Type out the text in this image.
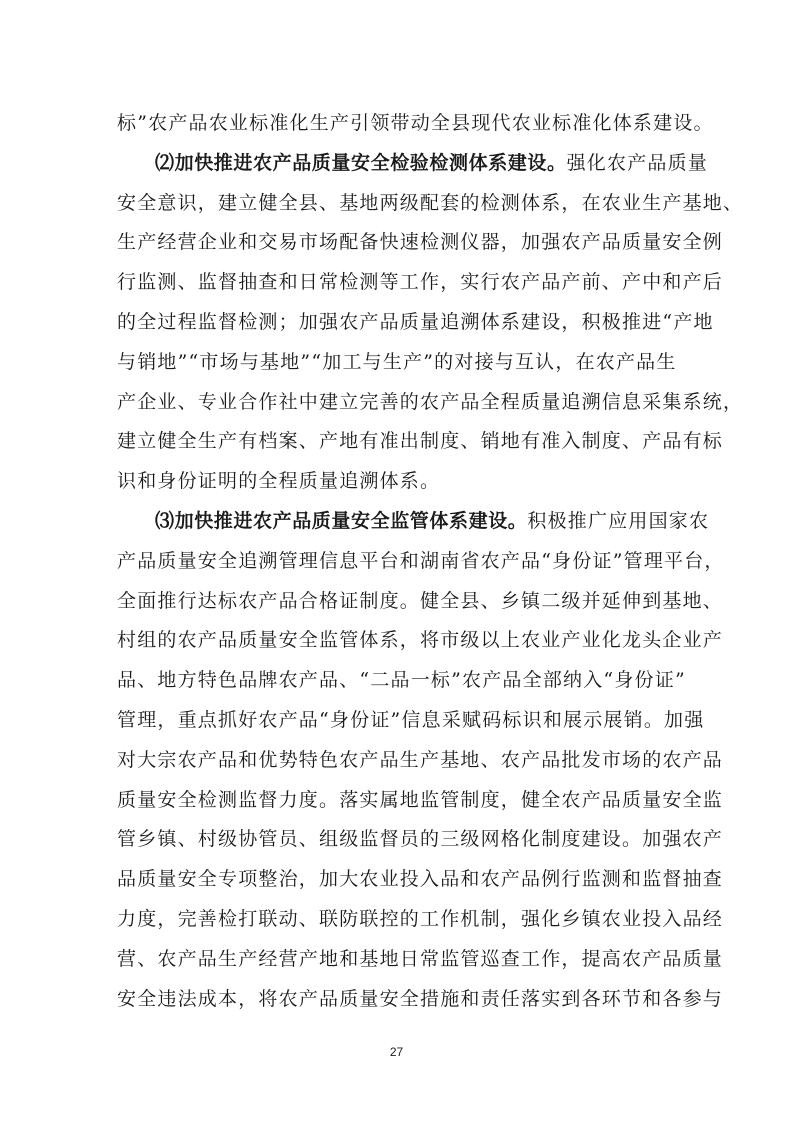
标”农产品农业标准化生产引领带动全县现代农业标准化体系建设。
⑵加快推进农产品质量安全检验检测体系建设。强化农产品质量
安全意识，建立健全县、基地两级配套的检测体系，在农业生产基地、
生产经营企业和交易市场配备快速检测仪器，加强农产品质量安全例
行监测、监督抽查和日常检测等工作，实行农产品产前、产中和产后
的全过程监督检测；加强农产品质量追溯体系建设，积极推进“产地
与销地”“市场与基地”“加工与生产”的对接与互认，在农产品生
产企业、专业合作社中建立完善的农产品全程质量追溯信息采集系统，
建立健全生产有档案、产地有准出制度、销地有准入制度、产品有标
识和身份证明的全程质量追溯体系。
⑶加快推进农产品质量安全监管体系建设。积极推广应用国家农
产品质量安全追溯管理信息平台和湖南省农产品“身份证”管理平台，
全面推行达标农产品合格证制度。健全县、乡镇二级并延伸到基地、
村组的农产品质量安全监管体系，将市级以上农业产业化龙头企业产
品、地方特色品牌农产品、“二品一标”农产品全部纳入“身份证”
管理，重点抓好农产品“身份证”信息采赋码标识和展示展销。加强
对大宗农产品和优势特色农产品生产基地、农产品批发市场的农产品
质量安全检测监督力度。落实属地监管制度，健全农产品质量安全监
管乡镇、村级协管员、组级监督员的三级网格化制度建设。加强农产
品质量安全专项整治，加大农业投入品和农产品例行监测和监督抽查
力度，完善检打联动、联防联控的工作机制，强化乡镇农业投入品经
营、农产品生产经营产地和基地日常监管巡查工作，提高农产品质量
安全违法成本，将农产品质量安全措施和责任落实到各环节和各参与
27
